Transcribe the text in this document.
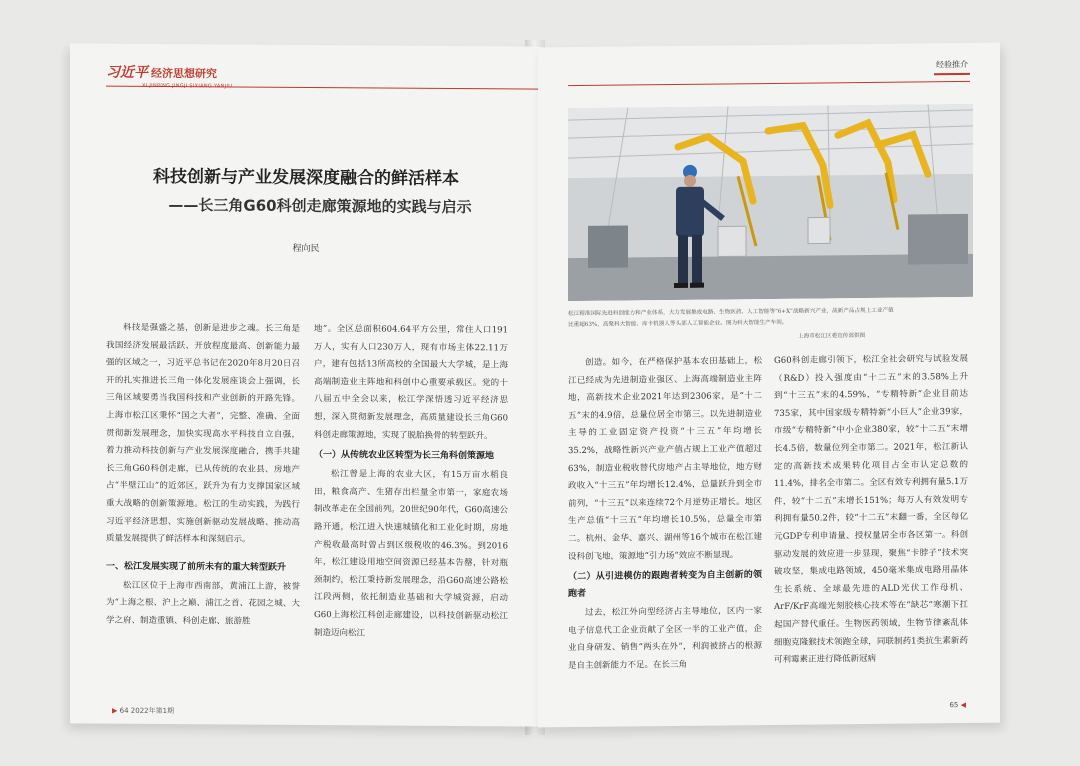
习近平 经济思想研究
XI JINPING JINGJI SIXIANG YANJIU
科技创新与产业发展深度融合的鲜活样本
——长三角G60科创走廊策源地的实践与启示
程向民

科技是强盛之基，创新是进步之魂。长三角是我国经济发展最活跃、开放程度最高、创新能力最强的区域之一，习近平总书记在2020年8月20日召开的扎实推进长三角一体化发展座谈会上强调，长三角区域要勇当我国科技和产业创新的开路先锋。上海市松江区秉怀“国之大者”，完整、准确、全面贯彻新发展理念，加快实现高水平科技自立自强，着力推动科技创新与产业发展深度融合，携手共建长三角G60科创走廊，已从传统的农业县、房地产占“半壁江山”的近郊区，跃升为有力支撑国家区域重大战略的创新策源地。松江的生动实践，为践行习近平经济思想、实施创新驱动发展战略、推动高质量发展提供了鲜活样本和深刻启示。

一、松江发展实现了前所未有的重大转型跃升

松江区位于上海市西南部，黄浦江上游，被誉为“上海之根、沪上之巅、浦江之首、花园之城、大学之府、制造重镇、科创走廊、旅游胜

地”。全区总面积604.64平方公里，常住人口191万人，实有人口230万人，现有市场主体22.11万户，建有包括13所高校的全国最大大学城，是上海高端制造业主阵地和科创中心重要承载区。党的十八届五中全会以来，松江学深悟透习近平经济思想，深入贯彻新发展理念，高质量建设长三角G60科创走廊策源地，实现了脱胎换骨的转型跃升。

（一）从传统农业区转型为长三角科创策源地

松江曾是上海的农业大区，有15万亩水稻良田，粮食高产、生猪存出栏量全市第一，家庭农场制改革走在全国前列。20世纪90年代，G60高速公路开通，松江进入快速城镇化和工业化时期，房地产税收最高时曾占到区级税收的46.3%。到2016年，松江建设用地空间资源已经基本告罄，针对瓶颈制约，松江秉持新发展理念，沿G60高速公路松江段两侧，依托制造业基础和大学城资源，启动G60上海松江科创走廊建设，以科技创新驱动松江制造迈向松江

▶ 64 2022年第1期
经验推介
松江精准国际先进科创能力和产业体系，大力发展集成电路、生物医药、人工智能等“6+X”战略新兴产业，战新产品占规上工业产值比重超63%，高聚科大智能、库卡机器人等头部人工智能企业。图为科大智能生产车间。
上海市松江区委宣传部供图

创造。如今，在严格保护基本农田基础上，松江已经成为先进制造业强区、上海高端制造业主阵地，高新技术企业2021年达到2306家，是“十二五”末的4.9倍，总量位居全市第三。以先进制造业主导的工业固定资产投资“十三五”年均增长35.2%，战略性新兴产业产值占规上工业产值超过63%，制造业税收替代房地产占主导地位，地方财政收入“十三五”年均增长12.4%，总量跃升到全市前列，“十三五”以来连续72个月逆势正增长。地区生产总值“十三五”年均增长10.5%，总量全市第二。杭州、金华、嘉兴、湖州等16个城市在松江建设科创飞地，策源地“引力场”效应不断显现。

（二）从引进模仿的跟跑者转变为自主创新的领跑者

过去，松江外向型经济占主导地位，区内一家电子信息代工企业贡献了全区一半的工业产值，企业自身研发、销售“两头在外”，利润被挤占的根源是自主创新能力不足。在长三角

G60科创走廊引领下，松江全社会研究与试验发展（R&D）投入强度由“十二五”末的3.58%上升到“十三五”末的4.59%，“专精特新”企业目前达735家，其中国家级专精特新“小巨人”企业39家，市级“专精特新”中小企业380家，较“十二五”末增长4.5倍，数量位列全市第二。2021年，松江新认定的高新技术成果转化项目占全市认定总数的11.4%，排名全市第二。全区有效专利拥有量5.1万件，较“十二五”末增长151%；每万人有效发明专利拥有量50.2件，较“十二五”末翻一番，全区每亿元GDP专利申请量、授权量居全市各区第一。科创驱动发展的效应进一步显现，聚焦“卡脖子”技术突破攻坚，集成电路领域，450毫米集成电路用晶体生长系统、全球最先进的ALD光伏工作母机、ArF/KrF高端光刻胶核心技术等在“缺芯”寒潮下扛起国产替代重任。生物医药领域，生物节律紊乱体细胞克隆猴技术领跑全球，同联制药1类抗生素新药可利霉素正进行降低新冠病

65 ◀
